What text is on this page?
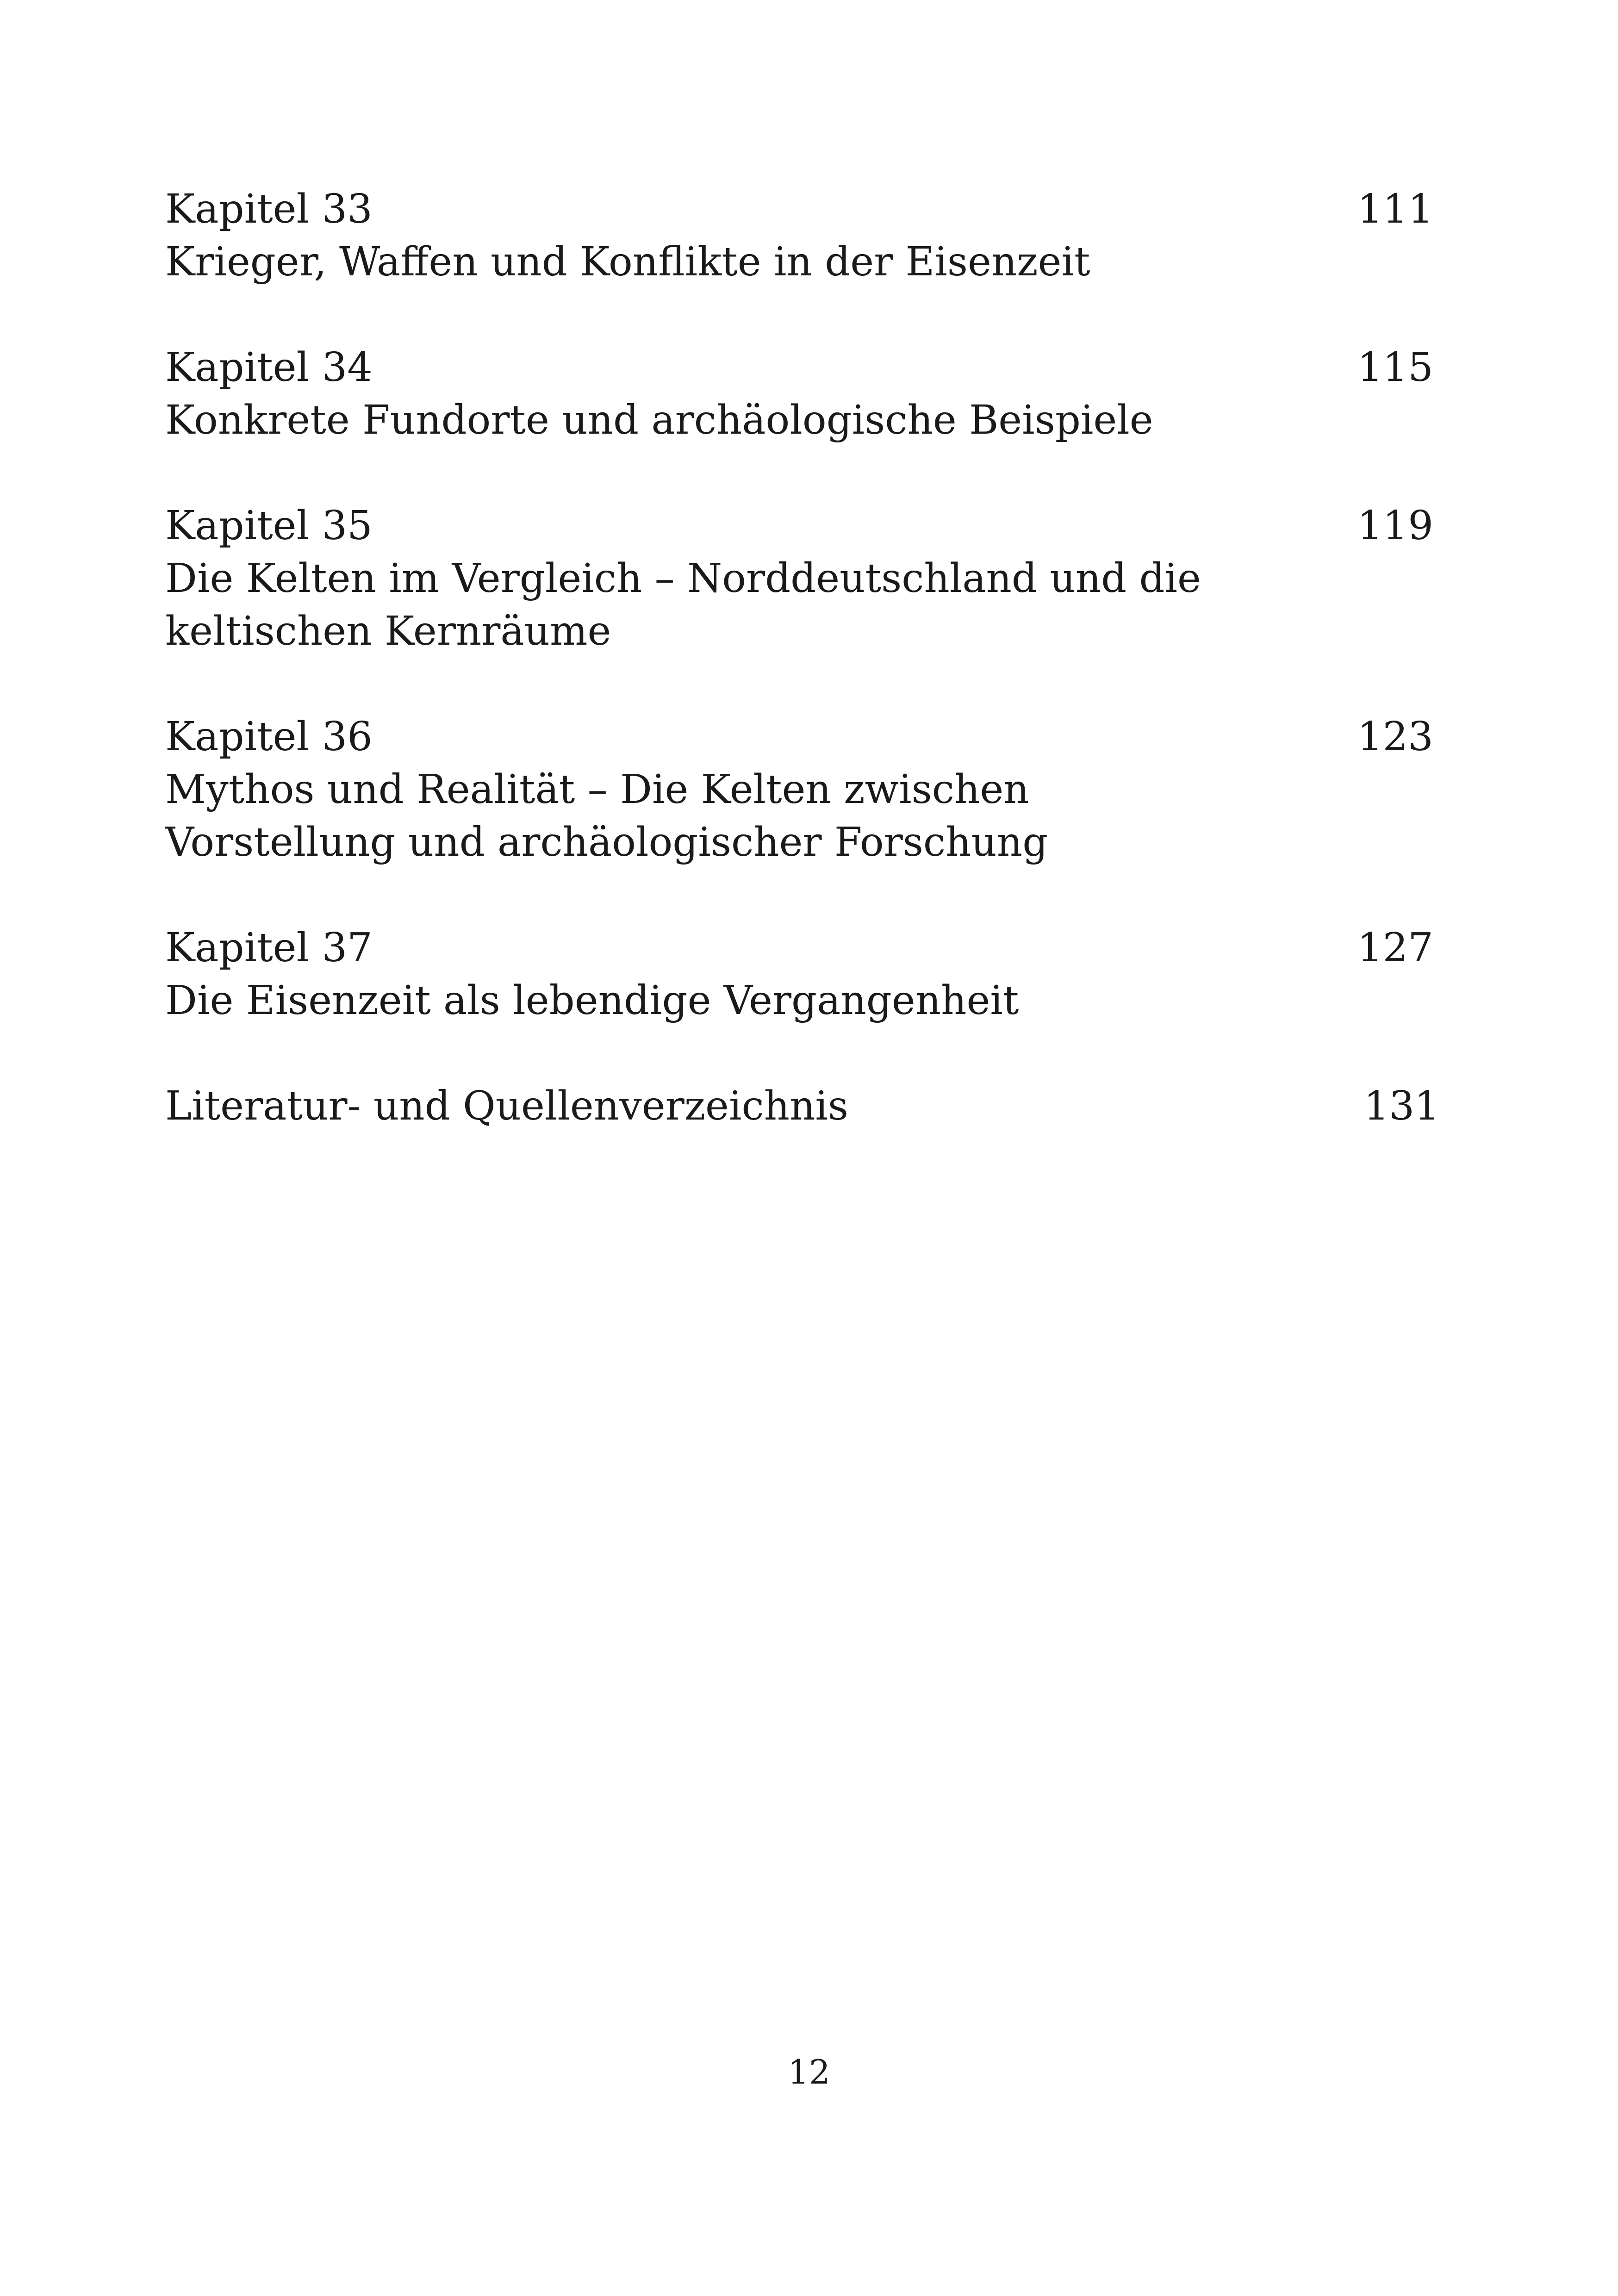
Kapitel 33	111
Krieger, Waffen und Konflikte in der Eisenzeit
Kapitel 34	115
Konkrete Fundorte und archäologische Beispiele
Kapitel 35	119
Die Kelten im Vergleich – Norddeutschland und die keltischen Kernräume
Kapitel 36	123
Mythos und Realität – Die Kelten zwischen Vorstellung und archäologischer Forschung
Kapitel 37	127
Die Eisenzeit als lebendige Vergangenheit
Literatur- und Quellenverzeichnis	131
12
